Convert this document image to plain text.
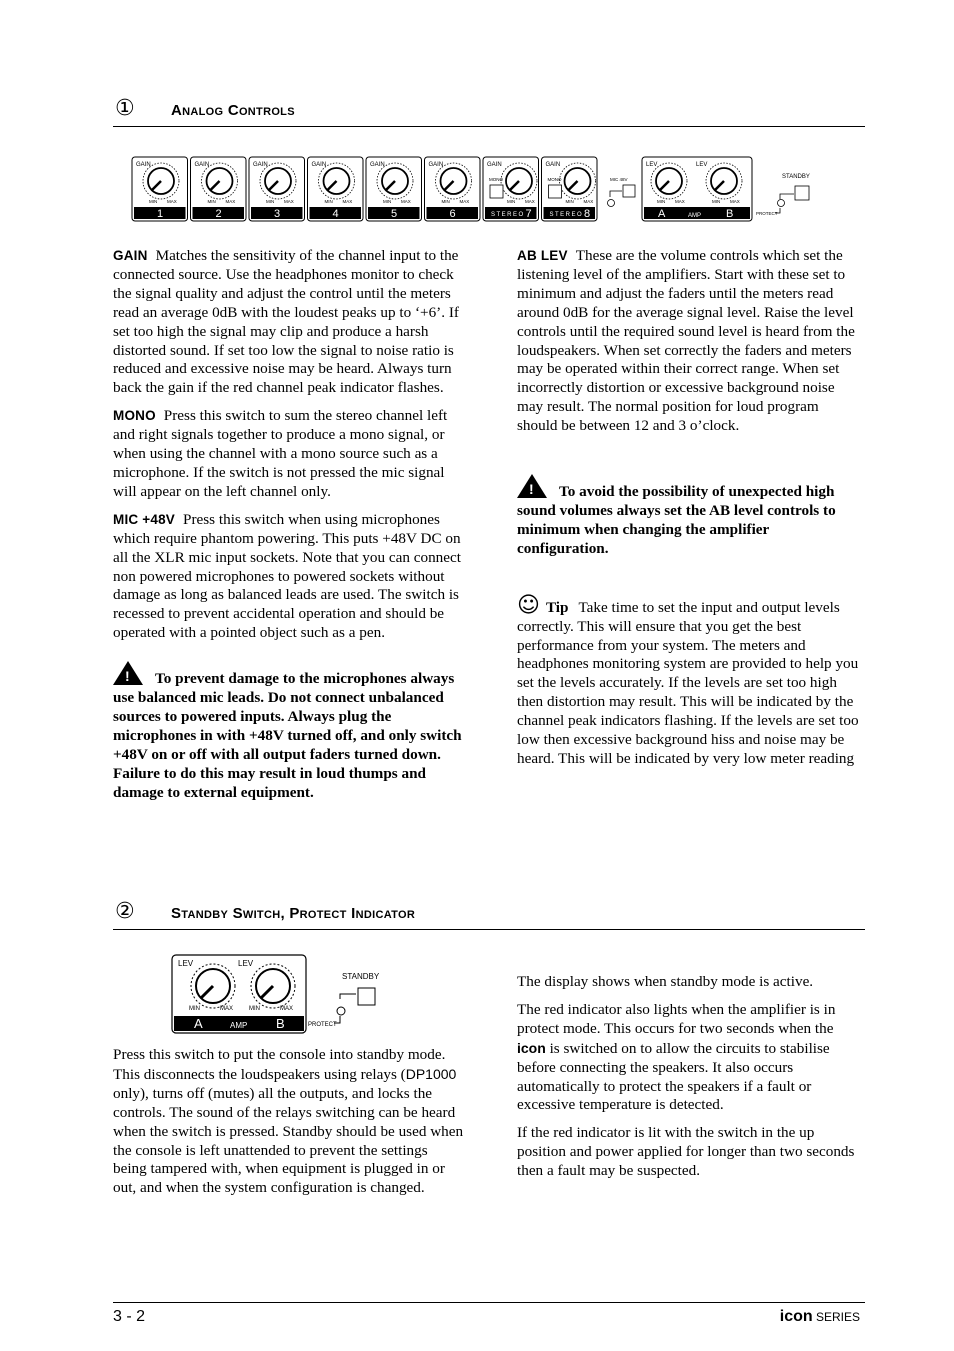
① Analog Controls
GAIN
MIN MAX
1
GAIN
MIN MAX
2
GAIN
MIN MAX
3
GAIN
MIN MAX
4
GAIN
MIN MAX
5
GAIN
MIN MAX
6
GAIN
MIN MAX
MONO
STEREO 7
GAIN
MIN MAX
MONO
STEREO 8
MIC 48V
LEV
MIN MAX
LEV
MIN MAX
A	AMP B
STANDBY
PROTECT

GAIN Matches the sensitivity of the channel input to the connected source. Use the headphones monitor to check the signal quality and adjust the control until the meters read an average 0dB with the loudest peaks up to ‘+6’. If set too high the signal may clip and produce a harsh distorted sound. If set too low the signal to noise ratio is reduced and excessive noise may be heard. Always turn back the gain if the red channel peak indicator flashes.

MONO Press this switch to sum the stereo channel left and right signals together to produce a mono signal, or when using the channel with a mono source such as a microphone. If the switch is not pressed the mic signal will appear on the left channel only.

MIC +48V Press this switch when using microphones which require phantom powering. This puts +48V DC on all the XLR mic input sockets. Note that you can connect non powered microphones to powered sockets without damage as long as balanced leads are used. The switch is recessed to prevent accidental operation and should be operated with a pointed object such as a pen.

!To prevent damage to the microphones always use balanced mic leads. Do not connect unbalanced sources to powered inputs. Always plug the microphones in with +48V turned off, and only switch +48V on or off with all output faders turned down. Failure to do this may result in loud thumps and damage to external equipment.

AB LEV These are the volume controls which set the listening level of the amplifiers. Start with these set to minimum and adjust the faders until the meters read around 0dB for the average signal level. Raise the level controls until the required sound level is heard from the loudspeakers. When set correctly the faders and meters may be operated within their correct range. When set incorrectly distortion or excessive background noise may result. The normal position for loud program should be between 12 and 3 o’clock.

!To avoid the possibility of unexpected high sound volumes always set the AB level controls to minimum when changing the amplifier configuration.

☺ Tip Take time to set the input and output levels correctly. This will ensure that you get the best performance from your system. The meters and headphones monitoring system are provided to help you set the levels accurately. If the levels are set too high then distortion may result. This will be indicated by the channel peak indicators flashing. If the levels are set too low then excessive background hiss and noise may be heard. This will be indicated by very low meter reading

② Standby Switch, Protect Indicator
LEV	LEV
MIN	MAX	MIN	MAX
A	AMP B
STANDBY
PROTECT

Press this switch to put the console into standby mode. This disconnects the loudspeakers using relays (DP1000 only), turns off (mutes) all the outputs, and locks the controls. The sound of the relays switching can be heard when the switch is pressed. Standby should be used when the console is left unattended to prevent the settings being tampered with, when equipment is plugged in or out, and when the system configuration is changed.

The display shows when standby mode is active.

The red indicator also lights when the amplifier is in protect mode. This occurs for two seconds when the icon is switched on to allow the circuits to stabilise before connecting the speakers. It also occurs automatically to protect the speakers if a fault or excessive temperature is detected.

If the red indicator is lit with the switch in the up position and power applied for longer than two seconds then a fault may be suspected.

3 - 2	icon SERIES
